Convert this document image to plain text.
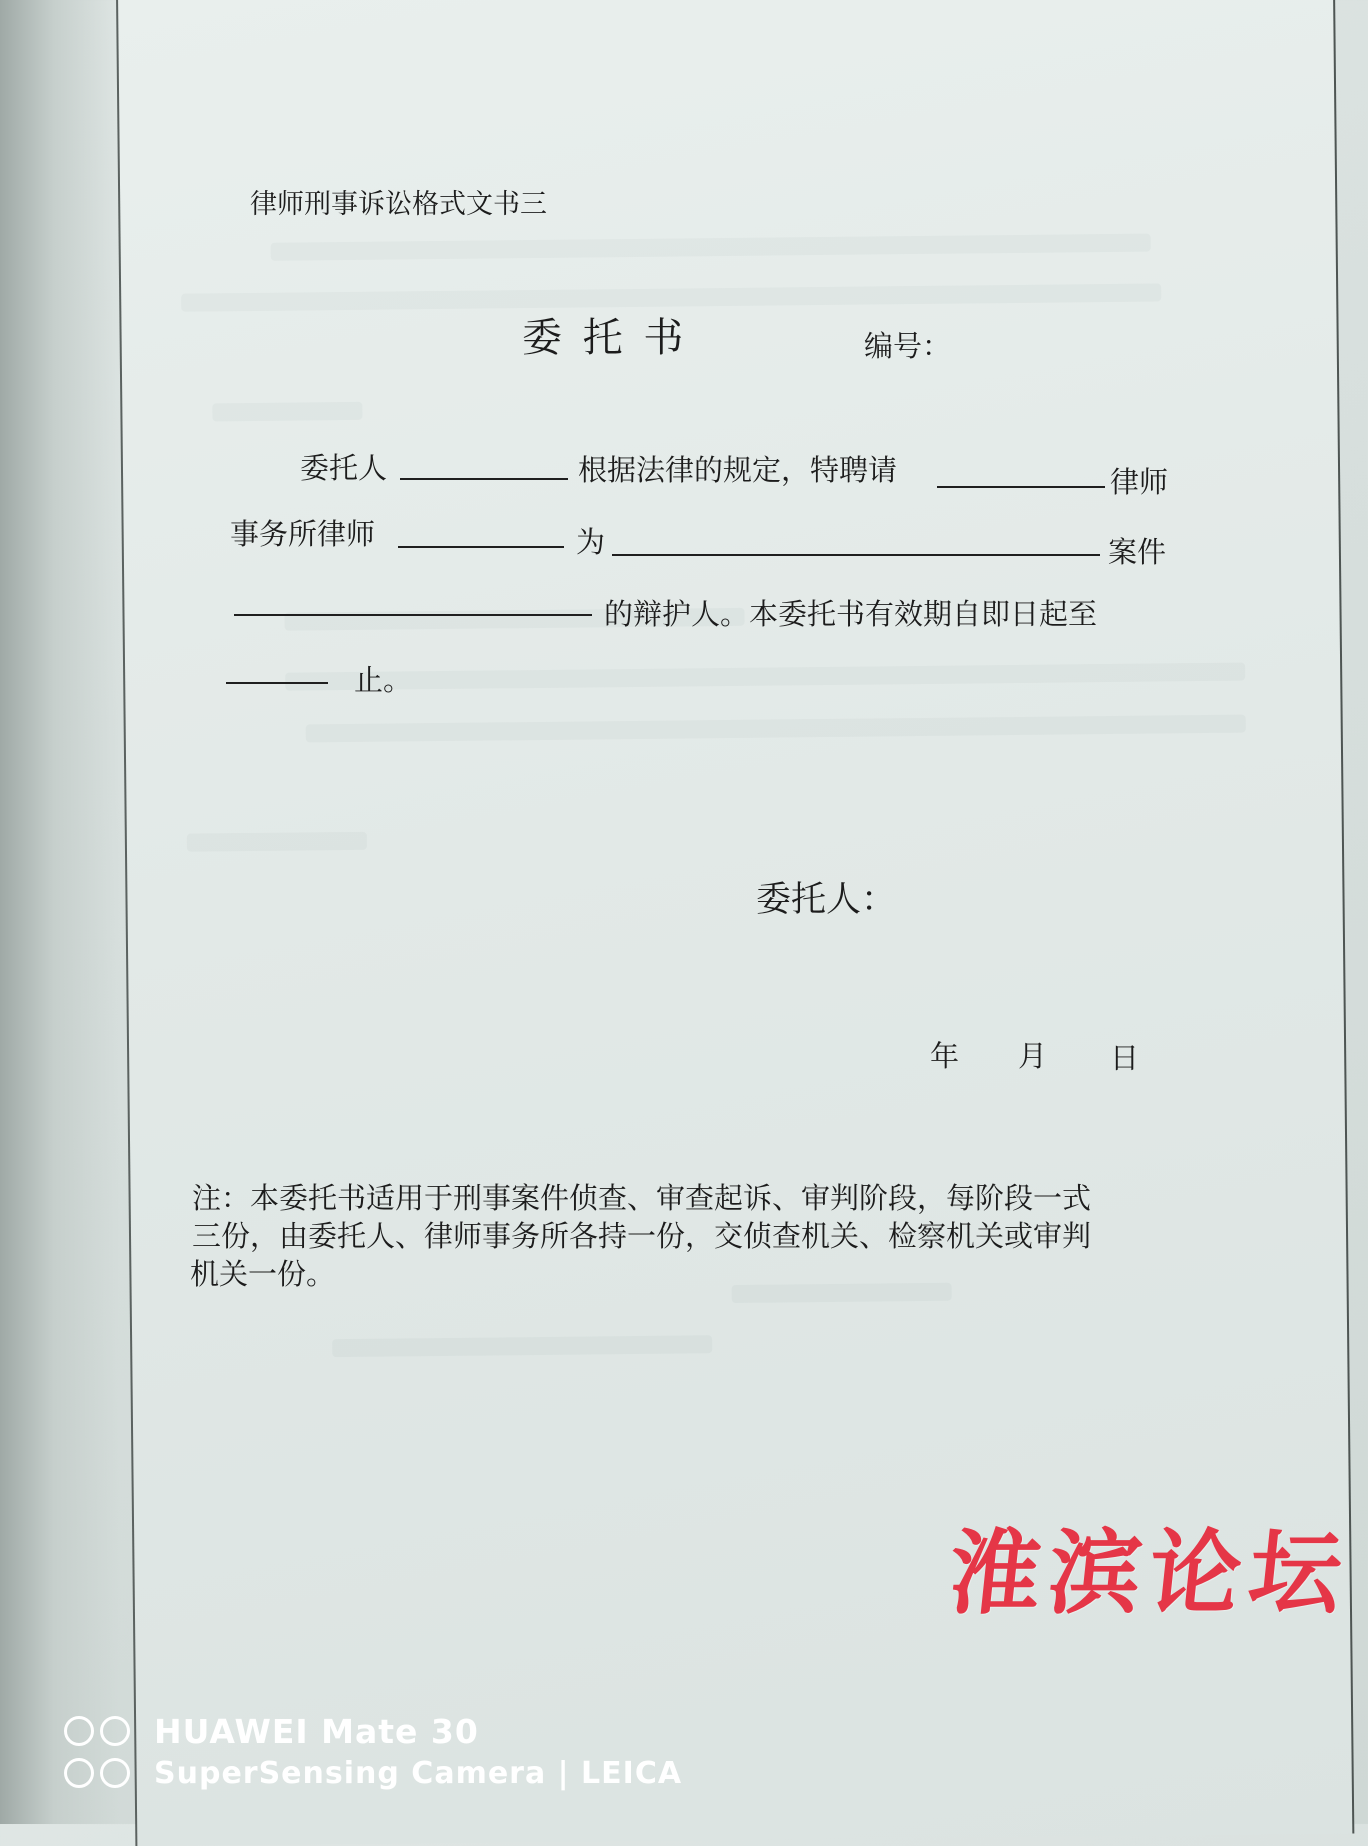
律师刑事诉讼格式文书三
委 托 书	编号：
委托人	根据法律的规定，特聘请	律师
事务所律师	为	案件
的辩护人。本委托书有效期自即日起至
止。
委托人：
年 月 日
注：本委托书适用于刑事案件侦查、审查起诉、审判阶段，每阶段一式
三份，由委托人、律师事务所各持一份，交侦查机关、检察机关或审判
机关一份。
淮滨论坛
HUAWEI Mate 30
SuperSensing Camera | LEICA
